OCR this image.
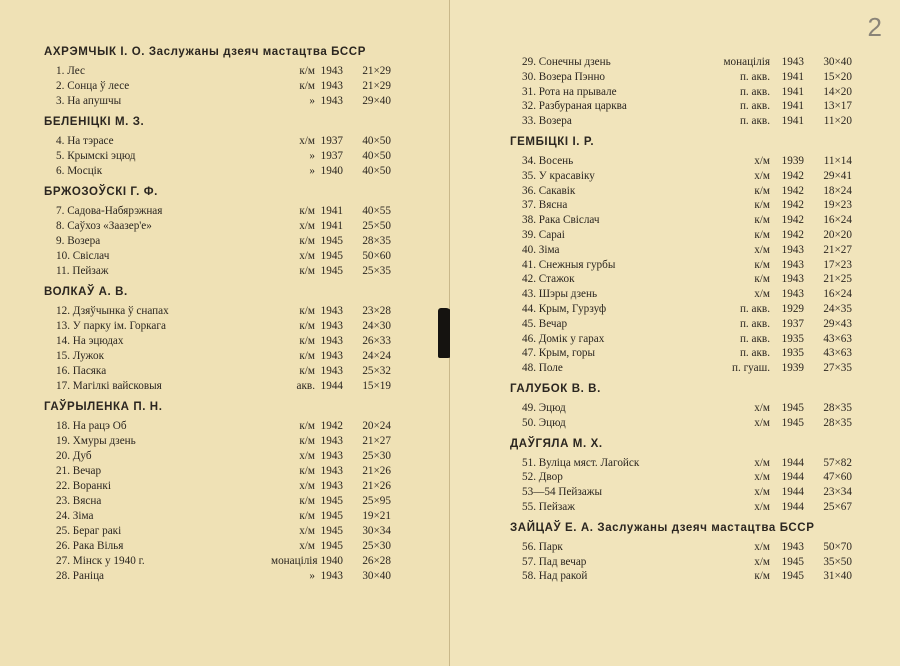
АХРЭМЧЫК І. О. Заслужаны дзеяч мастацтва БССР
1. Лес	к/м 1943	21×29
2. Сонца ў лесе	к/м 1943	21×29
3. На апушчы	» 1943	29×40
БЕЛЕНІЦКІ М. З.
4. На тэрасе	х/м 1937	40×50
5. Крымскі эцюд	» 1937	40×50
6. Мосцік	» 1940	40×50
БРЖОЗОЎСКІ Г. Ф.
7. Садова-Набярэжная	к/м 1941	40×55
8. Саўхоз «Заазер'е»	х/м 1941	25×50
9. Возера	к/м 1945	28×35
10. Свіслач	х/м 1945	50×60
11. Пейзаж	к/м 1945	25×35
ВОЛКАЎ А. В.
12. Дзяўчынка ў снапах	к/м 1943	23×28
13. У парку ім. Горкага	к/м 1943	24×30
14. На эцюдах	к/м 1943	26×33
15. Лужок	к/м 1943	24×24
16. Пасяка	к/м 1943	25×32
17. Магілкі вайсковыя	акв. 1944	15×19
ГАЎРЫЛЕНКА П. Н.
18. На рацэ Об	к/м 1942	20×24
19. Хмуры дзень	к/м 1943	21×27
20. Дуб	х/м 1943	25×30
21. Вечар	к/м 1943	21×26
22. Воранкі	х/м 1943	21×26
23. Вясна	к/м 1945	25×95
24. Зіма	к/м 1945	19×21
25. Бераг ракі	х/м 1945	30×34
26. Рака Вілья	х/м 1945	25×30
27. Мінск у 1940 г.	монацілія 1940	26×28
28. Раніца	» 1943	30×40
2
29. Сонечны дзень	монацілія	1943	30×40
30. Возера Пэнно	п. акв.	1941	15×20
31. Рота на прывале	п. акв.	1941	14×20
32. Разбураная царква	п. акв.	1941	13×17
33. Возера	п. акв.	1941	11×20
ГЕМБІЦКІ І. Р.
34. Восень	х/м	1939	11×14
35. У красавіку	х/м	1942	29×41
36. Сакавік	к/м	1942	18×24
37. Вясна	к/м	1942	19×23
38. Рака Свіслач	к/м	1942	16×24
39. Сараі	к/м	1942	20×20
40. Зіма	х/м	1943	21×27
41. Снежныя гурбы	к/м	1943	17×23
42. Стажок	к/м	1943	21×25
43. Шэры дзень	х/м	1943	16×24
44. Крым, Гурзуф	п. акв.	1929	24×35
45. Вечар	п. акв.	1937	29×43
46. Домік у гарах	п. акв.	1935	43×63
47. Крым, горы	п. акв.	1935	43×63
48. Поле	п. гуаш.	1939	27×35
ГАЛУБОК В. В.
49. Эцюд	х/м	1945	28×35
50. Эцюд	х/м	1945	28×35
ДАЎГЯЛА М. Х.
51. Вуліца мяст. Лагойск	х/м	1944	57×82
52. Двор	х/м	1944	47×60
53—54 Пейзажы	х/м	1944	23×34
55. Пейзаж	х/м	1944	25×67
ЗАЙЦАЎ Е. А. Заслужаны дзеяч мастацтва БССР
56. Парк	х/м	1943	50×70
57. Пад вечар	х/м	1945	35×50
58. Над ракой	к/м	1945	31×40
